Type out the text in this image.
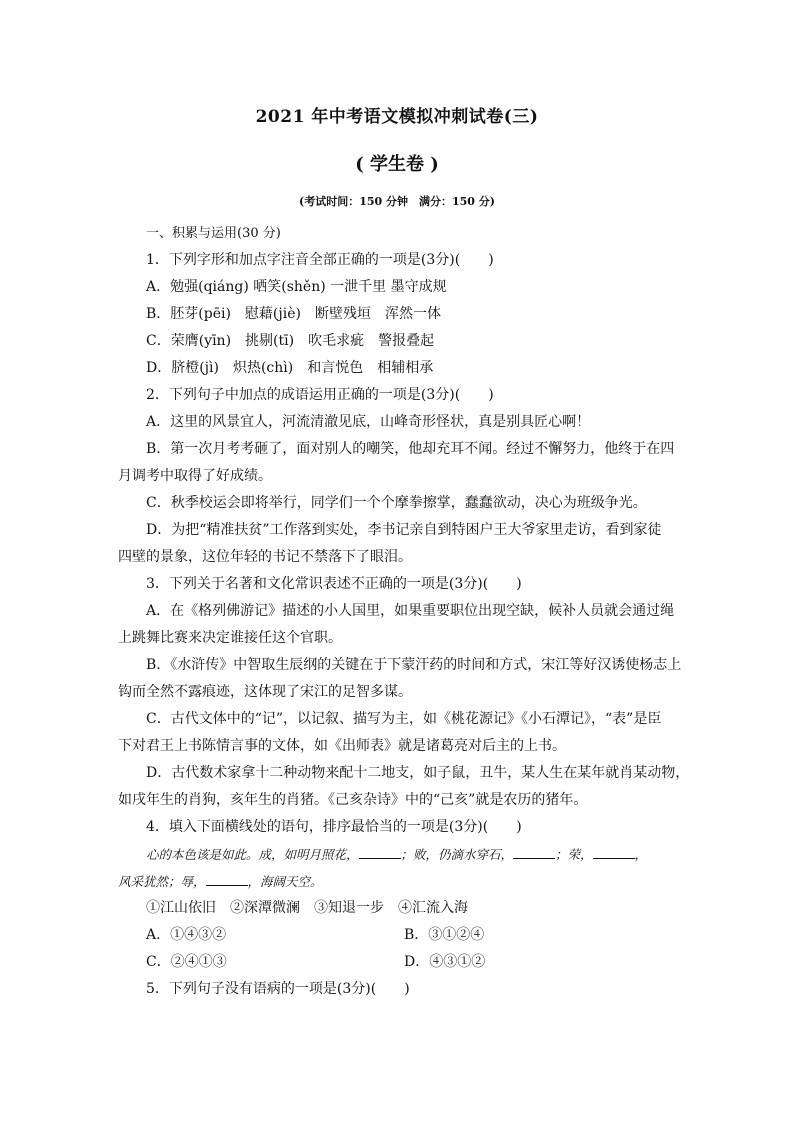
2021 年中考语文模拟冲刺试卷(三)
( 学生卷 )
(考试时间：150 分钟　满分：150 分)
一、积累与运用(30 分)
1．下列字形和加点字注音全部正确的一项是(3分)(　　)
A．勉强(qiáng) 哂笑(shěn) 一泄千里 墨守成规
B．胚芽(pēi)　慰藉(jiè)　断壁残垣　浑然一体
C．荣膺(yīn)　挑剔(tī)　吹毛求疵　警报叠起
D．脐橙(jì)　炽热(chì)　和言悦色　相辅相承
2．下列句子中加点的成语运用正确的一项是(3分)(　　)
A．这里的风景宜人，河流清澈见底，山峰奇形怪状，真是别具匠心啊！
B．第一次月考考砸了，面对别人的嘲笑，他却充耳不闻。经过不懈努力，他终于在四
月调考中取得了好成绩。
C．秋季校运会即将举行，同学们一个个摩拳擦掌，蠢蠢欲动，决心为班级争光。
D．为把“精准扶贫”工作落到实处，李书记亲自到特困户王大爷家里走访，看到家徒
四壁的景象，这位年轻的书记不禁落下了眼泪。
3．下列关于名著和文化常识表述不正确的一项是(3分)(　　)
A．在《格列佛游记》描述的小人国里，如果重要职位出现空缺，候补人员就会通过绳
上跳舞比赛来决定谁接任这个官职。
B．《水浒传》中智取生辰纲的关键在于下蒙汗药的时间和方式，宋江等好汉诱使杨志上
钩而全然不露痕迹，这体现了宋江的足智多谋。
C．古代文体中的“记”，以记叙、描写为主，如《桃花源记》《小石潭记》，“表”是臣
下对君王上书陈情言事的文体，如《出师表》就是诸葛亮对后主的上书。
D．古代数术家拿十二种动物来配十二地支，如子鼠，丑牛，某人生在某年就肖某动物，
如戌年生的肖狗，亥年生的肖猪。《己亥杂诗》中的“己亥”就是农历的猪年。
4．填入下面横线处的语句，排序最恰当的一项是(3分)(　　)
心的本色该是如此。成，如明月照花，	；败，仍滴水穿石，	；荣，	，
风采犹然；辱，	，海阔天空。
①江山依旧　②深潭微澜　③知退一步　④汇流入海
A．①④③②	B．③①②④
C．②④①③	D．④③①②
5．下列句子没有语病的一项是(3分)(　　)
